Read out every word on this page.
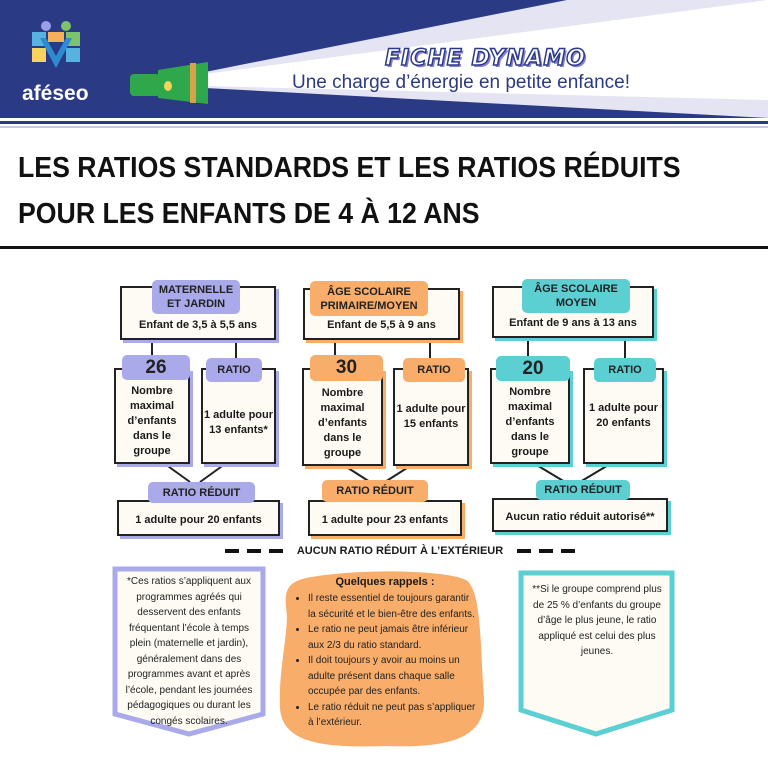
aféseo
FICHE DYNAMO
Une charge d’énergie en petite enfance!
LES RATIOS STANDARDS ET LES RATIOS RÉDUITS
POUR LES ENFANTS DE 4 À 12 ANS
Enfant de 3,5 à 5,5 ans
MATERNELLE ET JARDIN
Nombre maximal d’enfants dans le groupe
26
1 adulte pour 13 enfants*
RATIO
1 adulte pour 20 enfants
RATIO RÉDUIT
Enfant de 5,5 à 9 ans
ÂGE SCOLAIRE PRIMAIRE/MOYEN
Nombre maximal d’enfants dans le groupe
30
1 adulte pour 15 enfants
RATIO
1 adulte pour 23 enfants
RATIO RÉDUIT
Enfant de 9 ans à 13 ans
ÂGE SCOLAIRE MOYEN
Nombre maximal d’enfants dans le groupe
20
1 adulte pour 20 enfants
RATIO
Aucun ratio réduit autorisé**
RATIO RÉDUIT
AUCUN RATIO RÉDUIT À L’EXTÉRIEUR
*Ces ratios s’appliquent aux programmes agréés qui desservent des enfants fréquentant l’école à temps plein (maternelle et jardin), généralement dans des programmes avant et après l’école, pendant les journées pédagogiques ou durant les congés scolaires.
Quelques rappels :
• Il reste essentiel de toujours garantir la sécurité et le bien-être des enfants.
• Le ratio ne peut jamais être inférieur aux 2/3 du ratio standard.
• Il doit toujours y avoir au moins un adulte présent dans chaque salle occupée par des enfants.
• Le ratio réduit ne peut pas s’appliquer à l’extérieur.
**Si le groupe comprend plus de 25 % d’enfants du groupe d’âge le plus jeune, le ratio appliqué est celui des plus jeunes.
